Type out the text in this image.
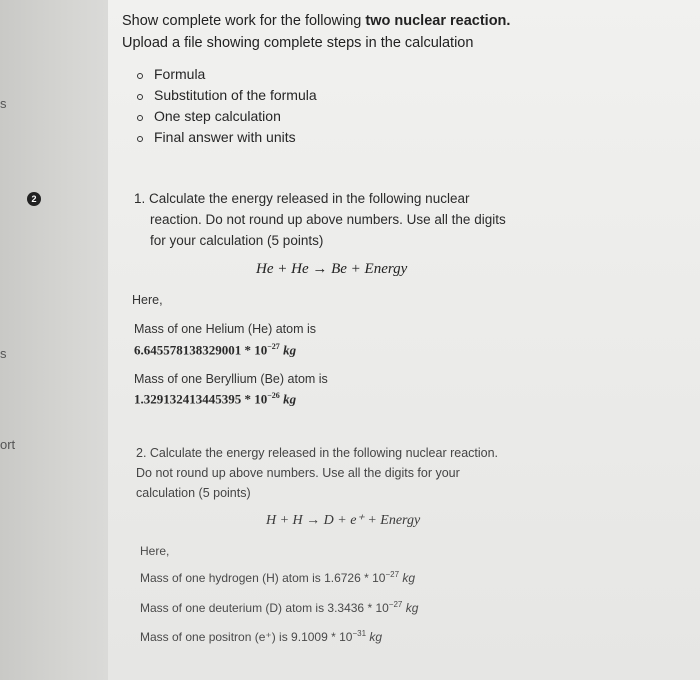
s
2
s
ort
Show complete work for the following two nuclear reaction.
Upload a file showing complete steps in the calculation
Formula
Substitution of the formula
One step calculation
Final answer with units
1. Calculate the energy released in the following nuclear
reaction. Do not round up above numbers. Use all the digits
for your calculation (5 points)
He + He → Be + Energy
Here,
Mass of one Helium (He) atom is
$6.645578138329001 * 10^{-27}$ kg
Mass of one Beryllium (Be) atom is
$1.329132413445395 * 10^{-26}$ kg
2. Calculate the energy released in the following nuclear reaction.
Do not round up above numbers. Use all the digits for your
calculation (5 points)
H + H → D + e⁺ + Energy
Here,
Mass of one hydrogen (H) atom is $1.6726 * 10^{-27}$ kg
Mass of one deuterium (D) atom is $3.3436 * 10^{-27}$ kg
Mass of one positron (e⁺) is $9.1009 * 10^{-31}$ kg
